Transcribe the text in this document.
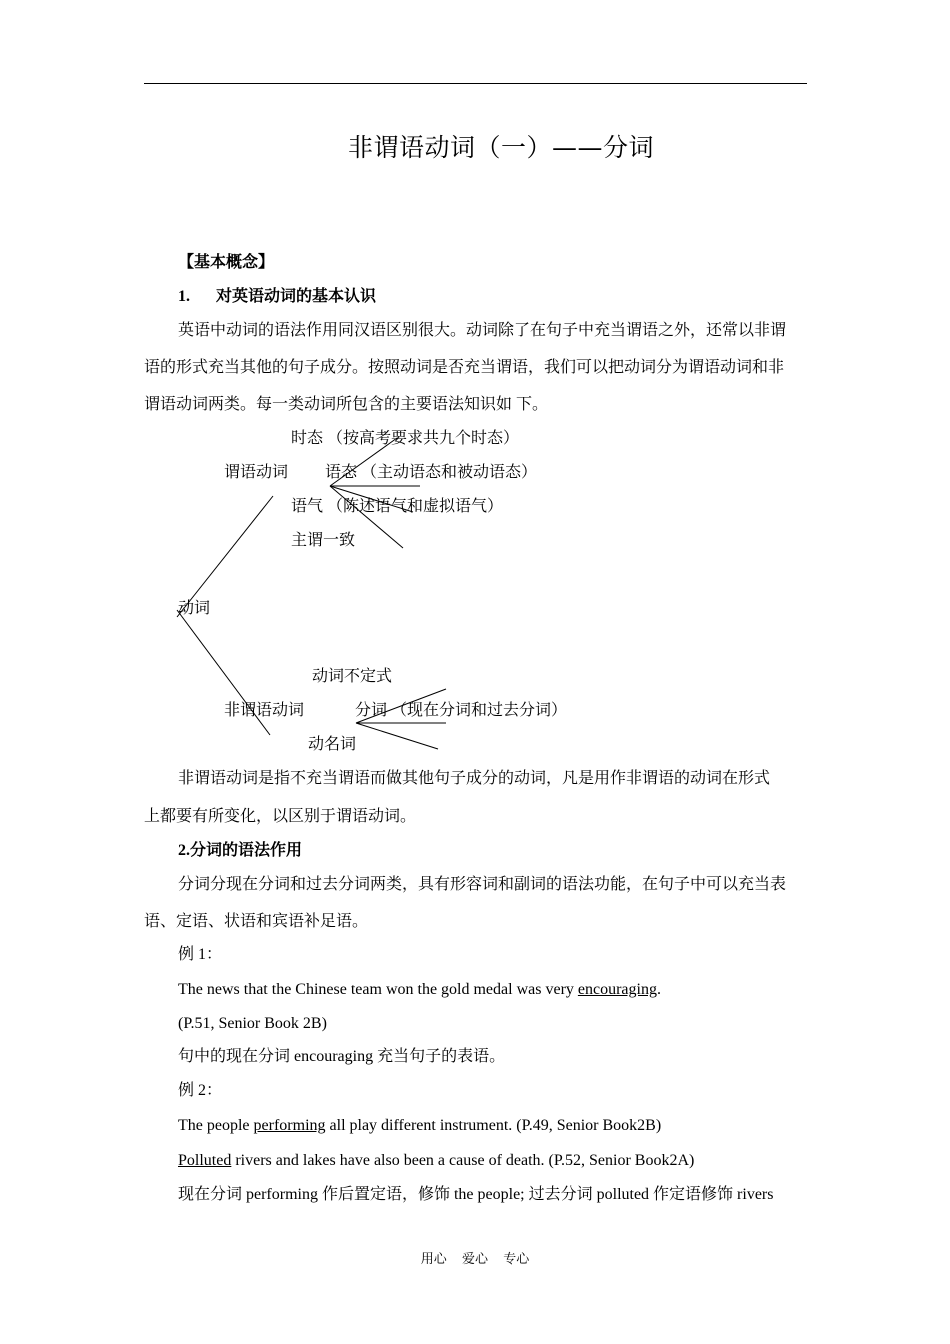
非谓语动词（一）——分词
【基本概念】
1. 对英语动词的基本认识
英语中动词的语法作用同汉语区别很大。动词除了在句子中充当谓语之外，还常以非谓
语的形式充当其他的句子成分。按照动词是否充当谓语，我们可以把动词分为谓语动词和非
谓语动词两类。每一类动词所包含的主要语法知识如 下。
时态 （按高考要求共九个时态）
谓语动词 语态 （主动语态和被动语态）
语气 （陈述语气和虚拟语气）
主谓一致
动词
动词不定式
非谓语动词	分词 （现在分词和过去分词）
动名词
非谓语动词是指不充当谓语而做其他句子成分的动词，凡是用作非谓语的动词在形式
上都要有所变化，以区别于谓语动词。
2.分词的语法作用
分词分现在分词和过去分词两类，具有形容词和副词的语法功能，在句子中可以充当表
语、定语、状语和宾语补足语。
例 1：
The news that the Chinese team won the gold medal was very encouraging.
(P.51, Senior Book 2B)
句中的现在分词 encouraging 充当句子的表语。
例 2：
The people performing all play different instrument. (P.49, Senior Book2B)
Polluted rivers and lakes have also been a cause of death. (P.52, Senior Book2A)
现在分词 performing 作后置定语，修饰 the people; 过去分词 polluted 作定语修饰 rivers
用心 爱心 专心
